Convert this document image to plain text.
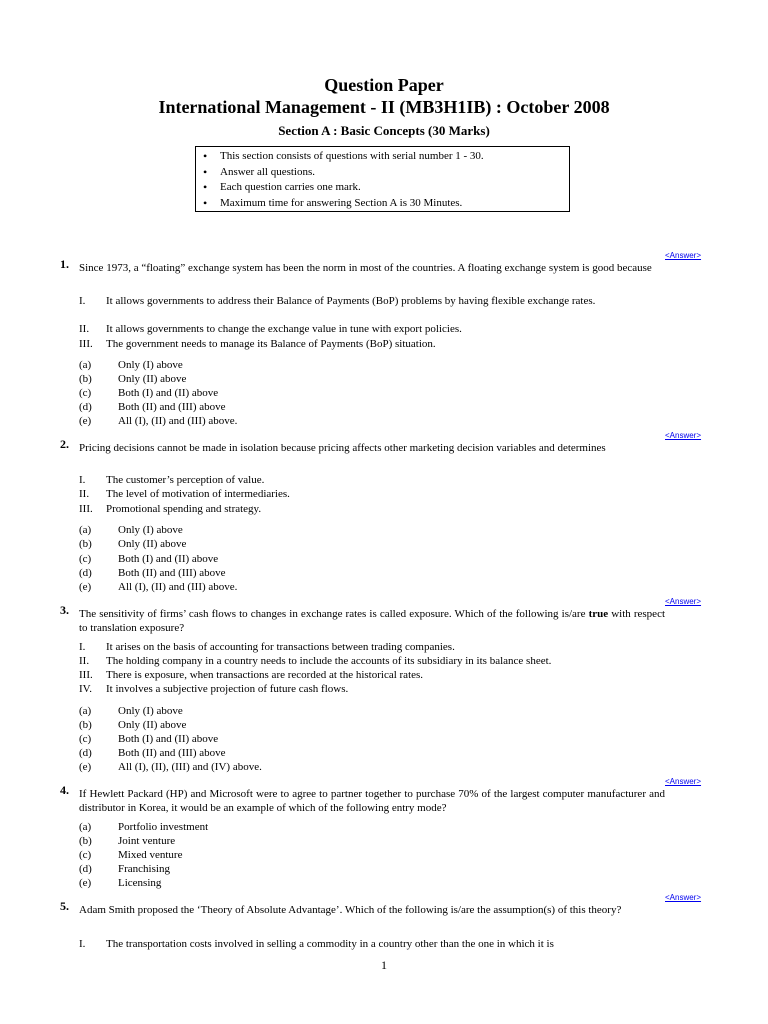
Question Paper
International Management - II (MB3H1IB) : October 2008
Section A : Basic Concepts (30 Marks)
• This section consists of questions with serial number 1 - 30.
• Answer all questions.
• Each question carries one mark.
• Maximum time for answering Section A is 30 Minutes.
1.
<Answer>
Since 1973, a “floating” exchange system has been the norm in most of the countries. A floating exchange system is good because
I. It allows governments to address their Balance of Payments (BoP) problems by having flexible exchange rates.
II. It allows governments to change the exchange value in tune with export policies.
III. The government needs to manage its Balance of Payments (BoP) situation.
(a) Only (I) above
(b) Only (II) above
(c) Both (I) and (II) above
(d) Both (II) and (III) above
(e) All (I), (II) and (III) above.
2.
<Answer>
Pricing decisions cannot be made in isolation because pricing affects other marketing decision variables and determines
I. The customer’s perception of value.
II. The level of motivation of intermediaries.
III. Promotional spending and strategy.
(a) Only (I) above
(b) Only (II) above
(c) Both (I) and (II) above
(d) Both (II) and (III) above
(e) All (I), (II) and (III) above.
3.
<Answer>
The sensitivity of firms’ cash flows to changes in exchange rates is called exposure. Which of the following is/are true with respect to translation exposure?
I. It arises on the basis of accounting for transactions between trading companies.
II. The holding company in a country needs to include the accounts of its subsidiary in its balance sheet.
III. There is exposure, when transactions are recorded at the historical rates.
IV. It involves a subjective projection of future cash flows.
(a) Only (I) above
(b) Only (II) above
(c) Both (I) and (II) above
(d) Both (II) and (III) above
(e) All (I), (II), (III) and (IV) above.
4.
<Answer>
If Hewlett Packard (HP) and Microsoft were to agree to partner together to purchase 70% of the largest computer manufacturer and distributor in Korea, it would be an example of which of the following entry mode?
(a) Portfolio investment
(b) Joint venture
(c) Mixed venture
(d) Franchising
(e) Licensing
5.
<Answer>
Adam Smith proposed the ‘Theory of Absolute Advantage’. Which of the following is/are the assumption(s) of this theory?
I. The transportation costs involved in selling a commodity in a country other than the one in which it is
1
